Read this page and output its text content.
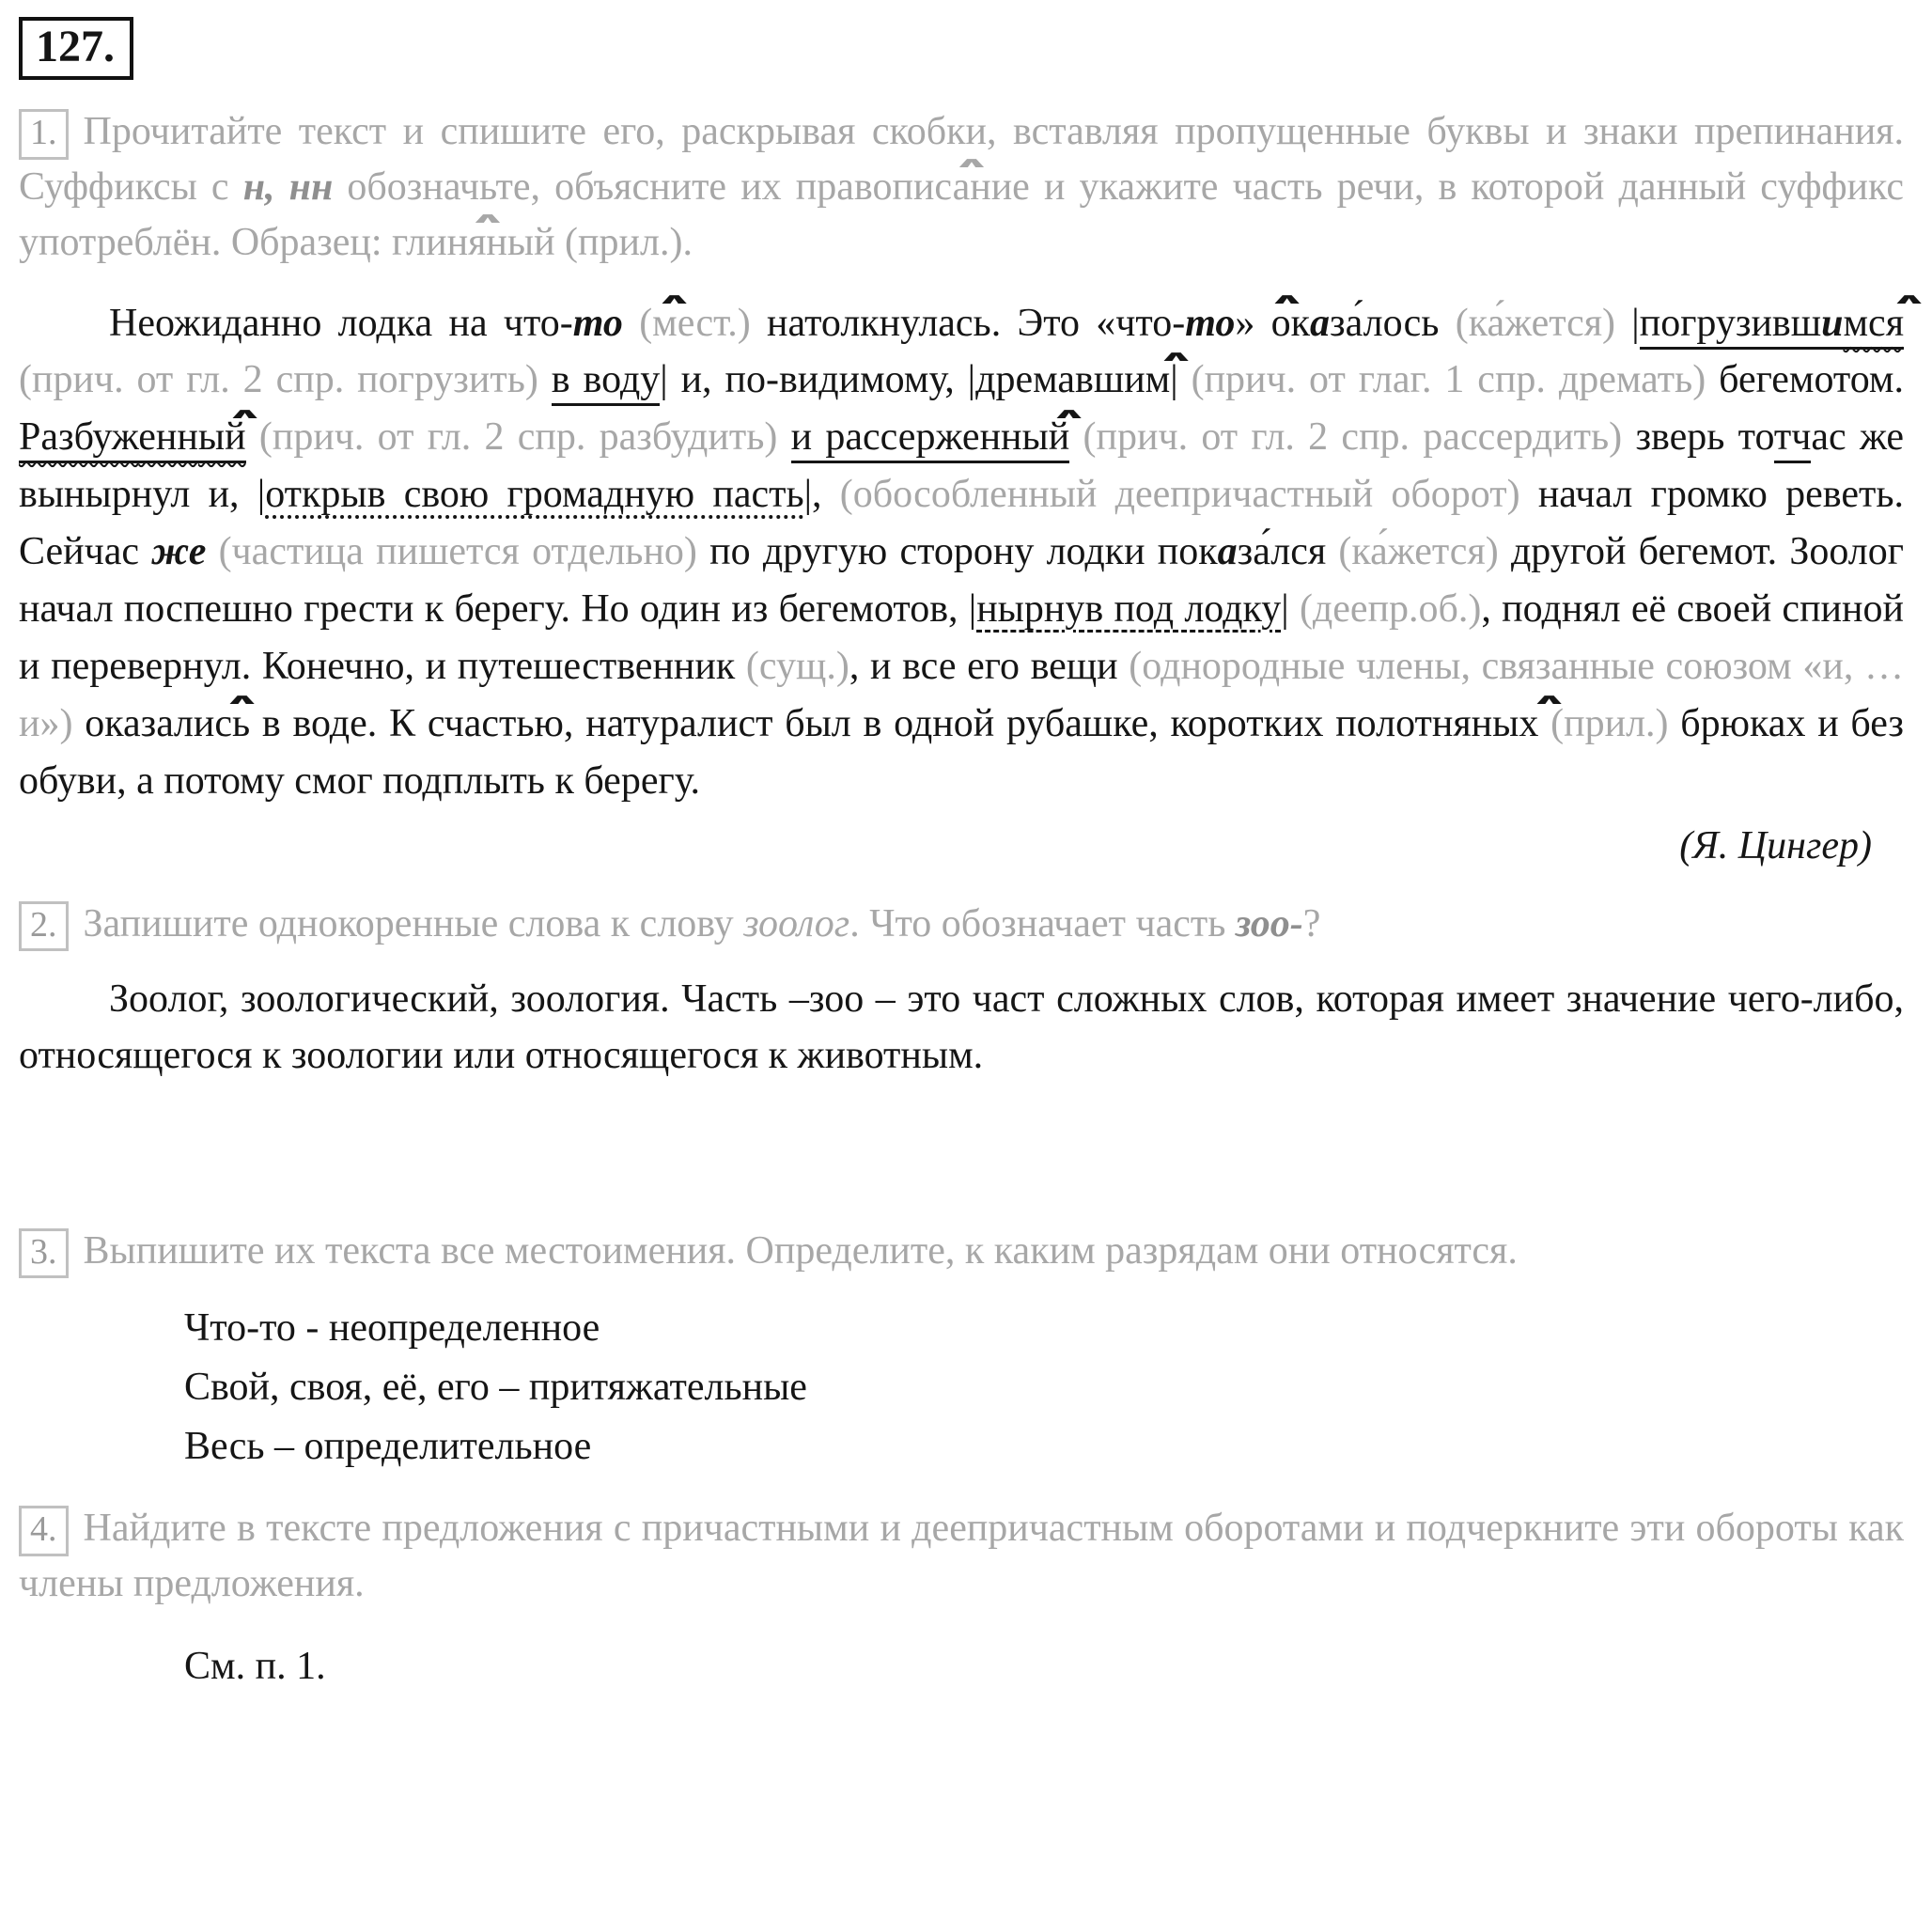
127.

1. Прочитайте текст и спишите его, раскрывая скобки, вставляя пропущенные буквы и знаки препинания. Суффиксы с н, нн обозначьте, объясните их правописан ∧ие и укажите часть речи, в которой данный суффикс употреблён. Образец: глинян ∧ый (прил.).

Неожиданно лодка на что-то ∧ (мест.) натолкнулась. Это «что-то ∧» оказа́лось (ка́жется) |погрузивши ∧мся (прич. от гл. 2 спр. погрузить) в воду| и, по-видимому, |дремавш ∧им| (прич. от глаг. 1 спр. дремать) бегемотом. Разбуженн ∧ый (прич. от гл. 2 спр. разбудить) и рассерженн ∧ый (прич. от гл. 2 спр. рассердить) зверь тотчас же вынырнул и, |открыв свою громадную пасть|, (обособленный деепричастный оборот) начал громко реветь. Сейчас же (частица пишется отдельно) по другую сторону лодки показа́лся (ка́жется) другой бегемот. Зоолог начал поспешно грести к берегу. Но один из бегемотов, |нырнув под лодку| (деепр.об.), поднял её своей спиной и перевернул. Конечно, и путешественник (сущ.), и все его вещи (однородные члены, связанные союзом «и, …и») оказа ∧лись в воде. К счастью, натуралист был в одной рубашке, коротких полотнян ∧ых (прил.) брюках и без обуви, а потому смог подплыть к берегу.

(Я. Цингер)

2. Запишите однокоренные слова к слову зоолог. Что обозначает часть зоо-?

Зоолог, зоологический, зоология. Часть –зоо – это част сложных слов, которая имеет значение чего-либо, относящегося к зоологии или относящегося к животным.

3. Выпишите их текста все местоимения. Определите, к каким разрядам они относятся.

Что-то - неопределенное
Свой, своя, её, его – притяжательные
Весь – определительное

4. Найдите в тексте предложения с причастными и деепричастным оборотами и подчеркните эти обороты как члены предложения.

См. п. 1.
